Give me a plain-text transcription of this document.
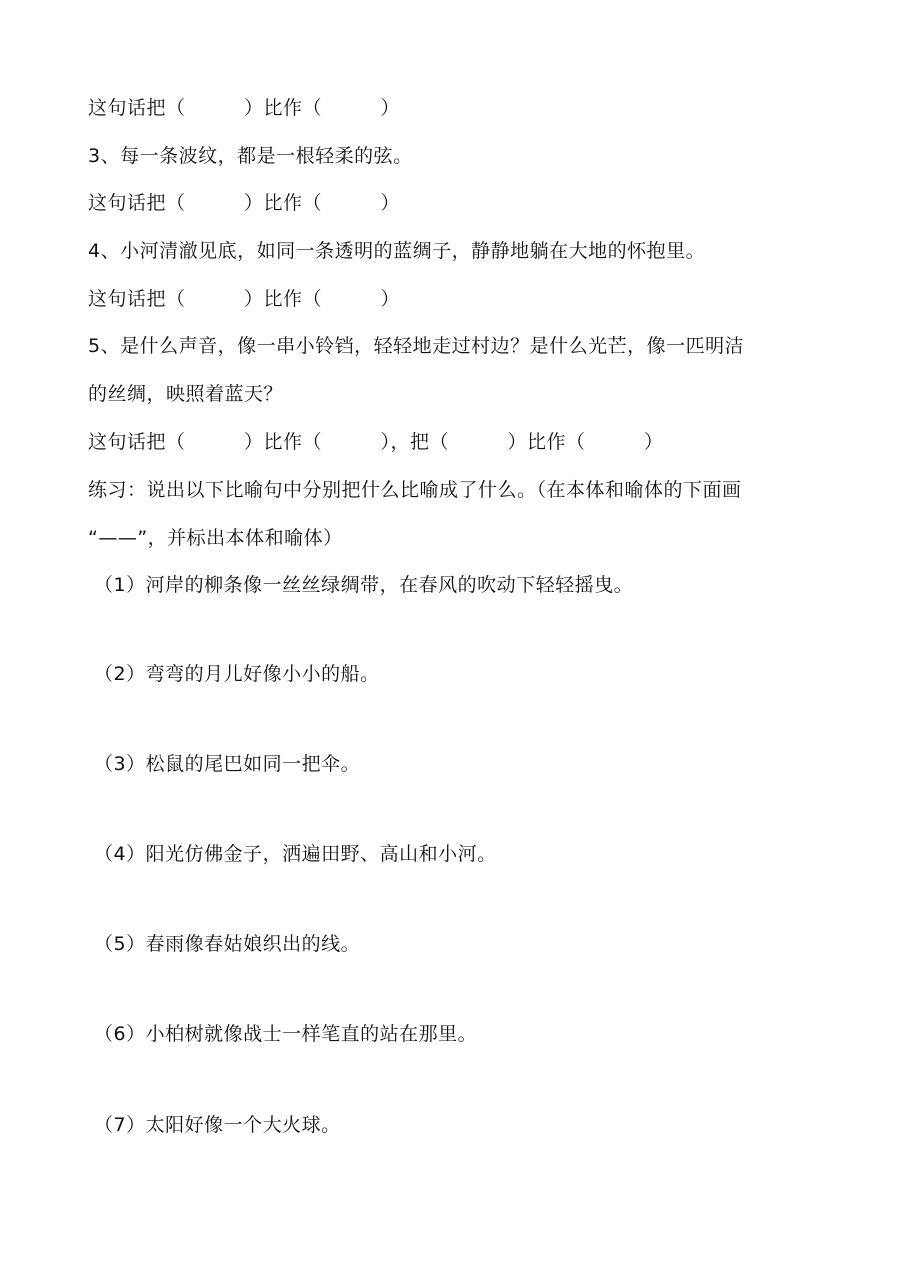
这句话把（　　　）比作（　　　）
3、每一条波纹，都是一根轻柔的弦。
这句话把（　　　）比作（　　　）
4、小河清澈见底，如同一条透明的蓝绸子，静静地躺在大地的怀抱里。
这句话把（　　　）比作（　　　）
5、是什么声音，像一串小铃铛，轻轻地走过村边？是什么光芒，像一匹明洁
的丝绸，映照着蓝天？
这句话把（　　　）比作（　　　），把（　　　）比作（　　　）
练习：说出以下比喻句中分别把什么比喻成了什么。（在本体和喻体的下面画
“——”，并标出本体和喻体）
（1）河岸的柳条像一丝丝绿绸带，在春风的吹动下轻轻摇曳。
（2）弯弯的月儿好像小小的船。
（3）松鼠的尾巴如同一把伞。
（4）阳光仿佛金子，洒遍田野、高山和小河。
（5）春雨像春姑娘织出的线。
（6）小柏树就像战士一样笔直的站在那里。
（7）太阳好像一个大火球。
